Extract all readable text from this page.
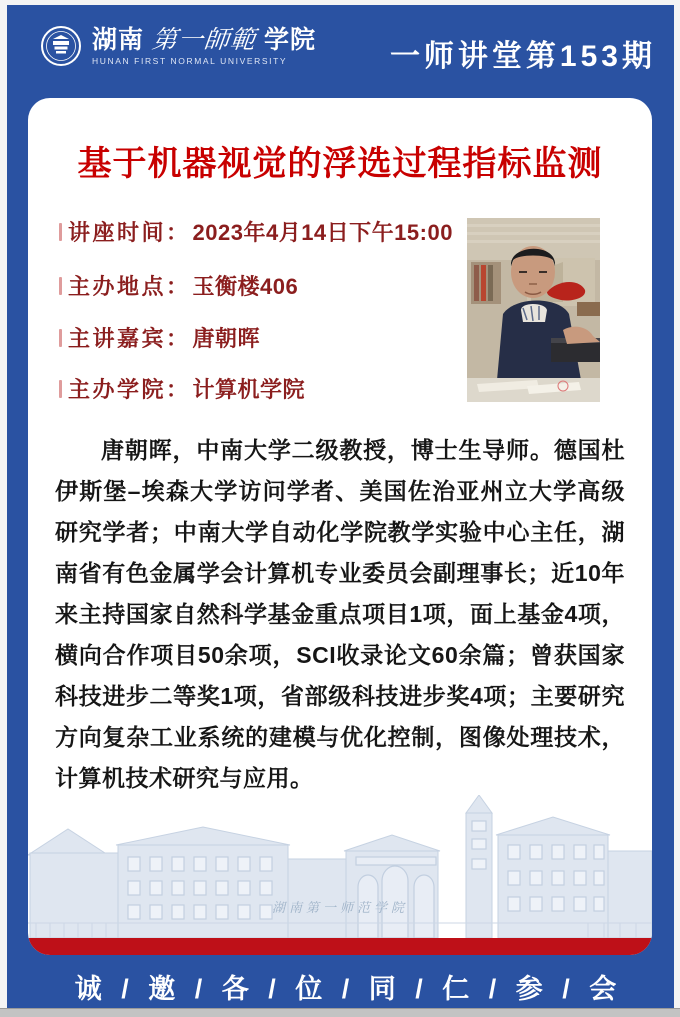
湖南 第一師範 学院
HUNAN FIRST NORMAL UNIVERSITY	一师讲堂第153期
基于机器视觉的浮选过程指标监测
讲座时间： 2023年4月14日下午15:00
主办地点： 玉衡楼406
主讲嘉宾： 唐朝晖
主办学院： 计算机学院
唐朝晖，中南大学二级教授，博士生导师。德国杜伊斯堡–埃森大学访问学者、美国佐治亚州立大学高级研究学者；中南大学自动化学院教学实验中心主任，湖南省有色金属学会计算机专业委员会副理事长；近10年来主持国家自然科学基金重点项目1项，面上基金4项，横向合作项目50余项，SCI收录论文60余篇；曾获国家科技进步二等奖1项，省部级科技进步奖4项；主要研究方向复杂工业系统的建模与优化控制，图像处理技术，计算机技术研究与应用。
湖南第一师范学院
诚 / 邀 / 各 / 位 / 同 / 仁 / 参 / 会
